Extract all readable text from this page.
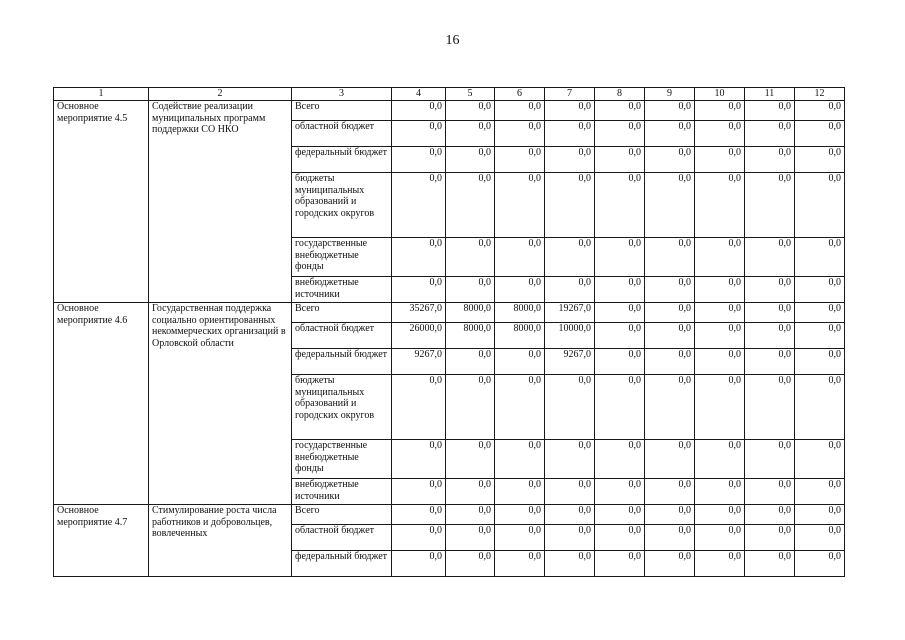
16
1	2	3	4	5	6	7	8	9	10	11	12
Основное мероприятие 4.5	Содействие реализации муниципальных программ поддержки СО НКО	Всего	0,0	0,0	0,0	0,0	0,0	0,0	0,0	0,0	0,0
		областной бюджет	0,0	0,0	0,0	0,0	0,0	0,0	0,0	0,0	0,0
		федеральный бюджет	0,0	0,0	0,0	0,0	0,0	0,0	0,0	0,0	0,0
		бюджеты муниципальных образований и городских округов	0,0	0,0	0,0	0,0	0,0	0,0	0,0	0,0	0,0
		государственные внебюджетные фонды	0,0	0,0	0,0	0,0	0,0	0,0	0,0	0,0	0,0
		внебюджетные источники	0,0	0,0	0,0	0,0	0,0	0,0	0,0	0,0	0,0
Основное мероприятие 4.6	Государственная поддержка социально ориентированных некоммерческих организаций в Орловской области	Всего	35267,0	8000,0	8000,0	19267,0	0,0	0,0	0,0	0,0	0,0
		областной бюджет	26000,0	8000,0	8000,0	10000,0	0,0	0,0	0,0	0,0	0,0
		федеральный бюджет	9267,0	0,0	0,0	9267,0	0,0	0,0	0,0	0,0	0,0
		бюджеты муниципальных образований и городских округов	0,0	0,0	0,0	0,0	0,0	0,0	0,0	0,0	0,0
		государственные внебюджетные фонды	0,0	0,0	0,0	0,0	0,0	0,0	0,0	0,0	0,0
		внебюджетные источники	0,0	0,0	0,0	0,0	0,0	0,0	0,0	0,0	0,0
Основное мероприятие 4.7	Стимулирование роста числа работников и добровольцев, вовлеченных	Всего	0,0	0,0	0,0	0,0	0,0	0,0	0,0	0,0	0,0
		областной бюджет	0,0	0,0	0,0	0,0	0,0	0,0	0,0	0,0	0,0
		федеральный бюджет	0,0	0,0	0,0	0,0	0,0	0,0	0,0	0,0	0,0
